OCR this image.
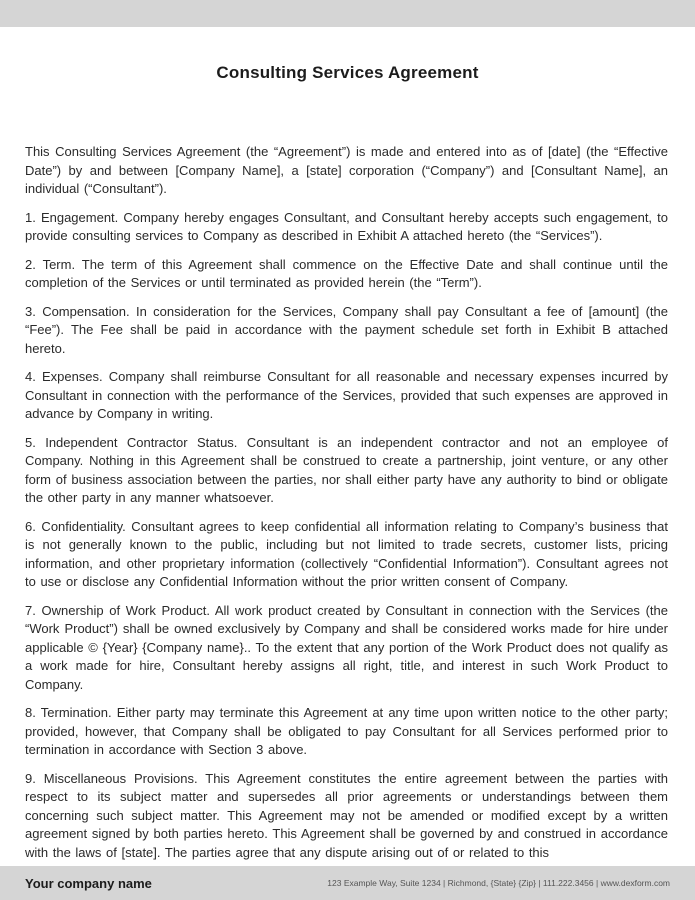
Consulting Services Agreement

This Consulting Services Agreement (the “Agreement”) is made and entered into as of [date] (the “Effective Date”) by and between [Company Name], a [state] corporation (“Company”) and [Consultant Name], an individual (“Consultant”).

1. Engagement. Company hereby engages Consultant, and Consultant hereby accepts such engagement, to provide consulting services to Company as described in Exhibit A attached hereto (the “Services”).

2. Term. The term of this Agreement shall commence on the Effective Date and shall continue until the completion of the Services or until terminated as provided herein (the “Term”).

3. Compensation. In consideration for the Services, Company shall pay Consultant a fee of [amount] (the “Fee”). The Fee shall be paid in accordance with the payment schedule set forth in Exhibit B attached hereto.

4. Expenses. Company shall reimburse Consultant for all reasonable and necessary expenses incurred by Consultant in connection with the performance of the Services, provided that such expenses are approved in advance by Company in writing.

5. Independent Contractor Status. Consultant is an independent contractor and not an employee of Company. Nothing in this Agreement shall be construed to create a partnership, joint venture, or any other form of business association between the parties, nor shall either party have any authority to bind or obligate the other party in any manner whatsoever.

6. Confidentiality. Consultant agrees to keep confidential all information relating to Company’s business that is not generally known to the public, including but not limited to trade secrets, customer lists, pricing information, and other proprietary information (collectively “Confidential Information”). Consultant agrees not to use or disclose any Confidential Information without the prior written consent of Company.

7. Ownership of Work Product. All work product created by Consultant in connection with the Services (the “Work Product”) shall be owned exclusively by Company and shall be considered works made for hire under applicable © {Year} {Company name}.. To the extent that any portion of the Work Product does not qualify as a work made for hire, Consultant hereby assigns all right, title, and interest in such Work Product to Company.

8. Termination. Either party may terminate this Agreement at any time upon written notice to the other party; provided, however, that Company shall be obligated to pay Consultant for all Services performed prior to termination in accordance with Section 3 above.

9. Miscellaneous Provisions. This Agreement constitutes the entire agreement between the parties with respect to its subject matter and supersedes all prior agreements or understandings between them concerning such subject matter. This Agreement may not be amended or modified except by a written agreement signed by both parties hereto. This Agreement shall be governed by and construed in accordance with the laws of [state]. The parties agree that any dispute arising out of or related to this

Your company name	123 Example Way, Suite 1234 | Richmond, {State} {Zip} | 111.222.3456 | www.dexform.com
